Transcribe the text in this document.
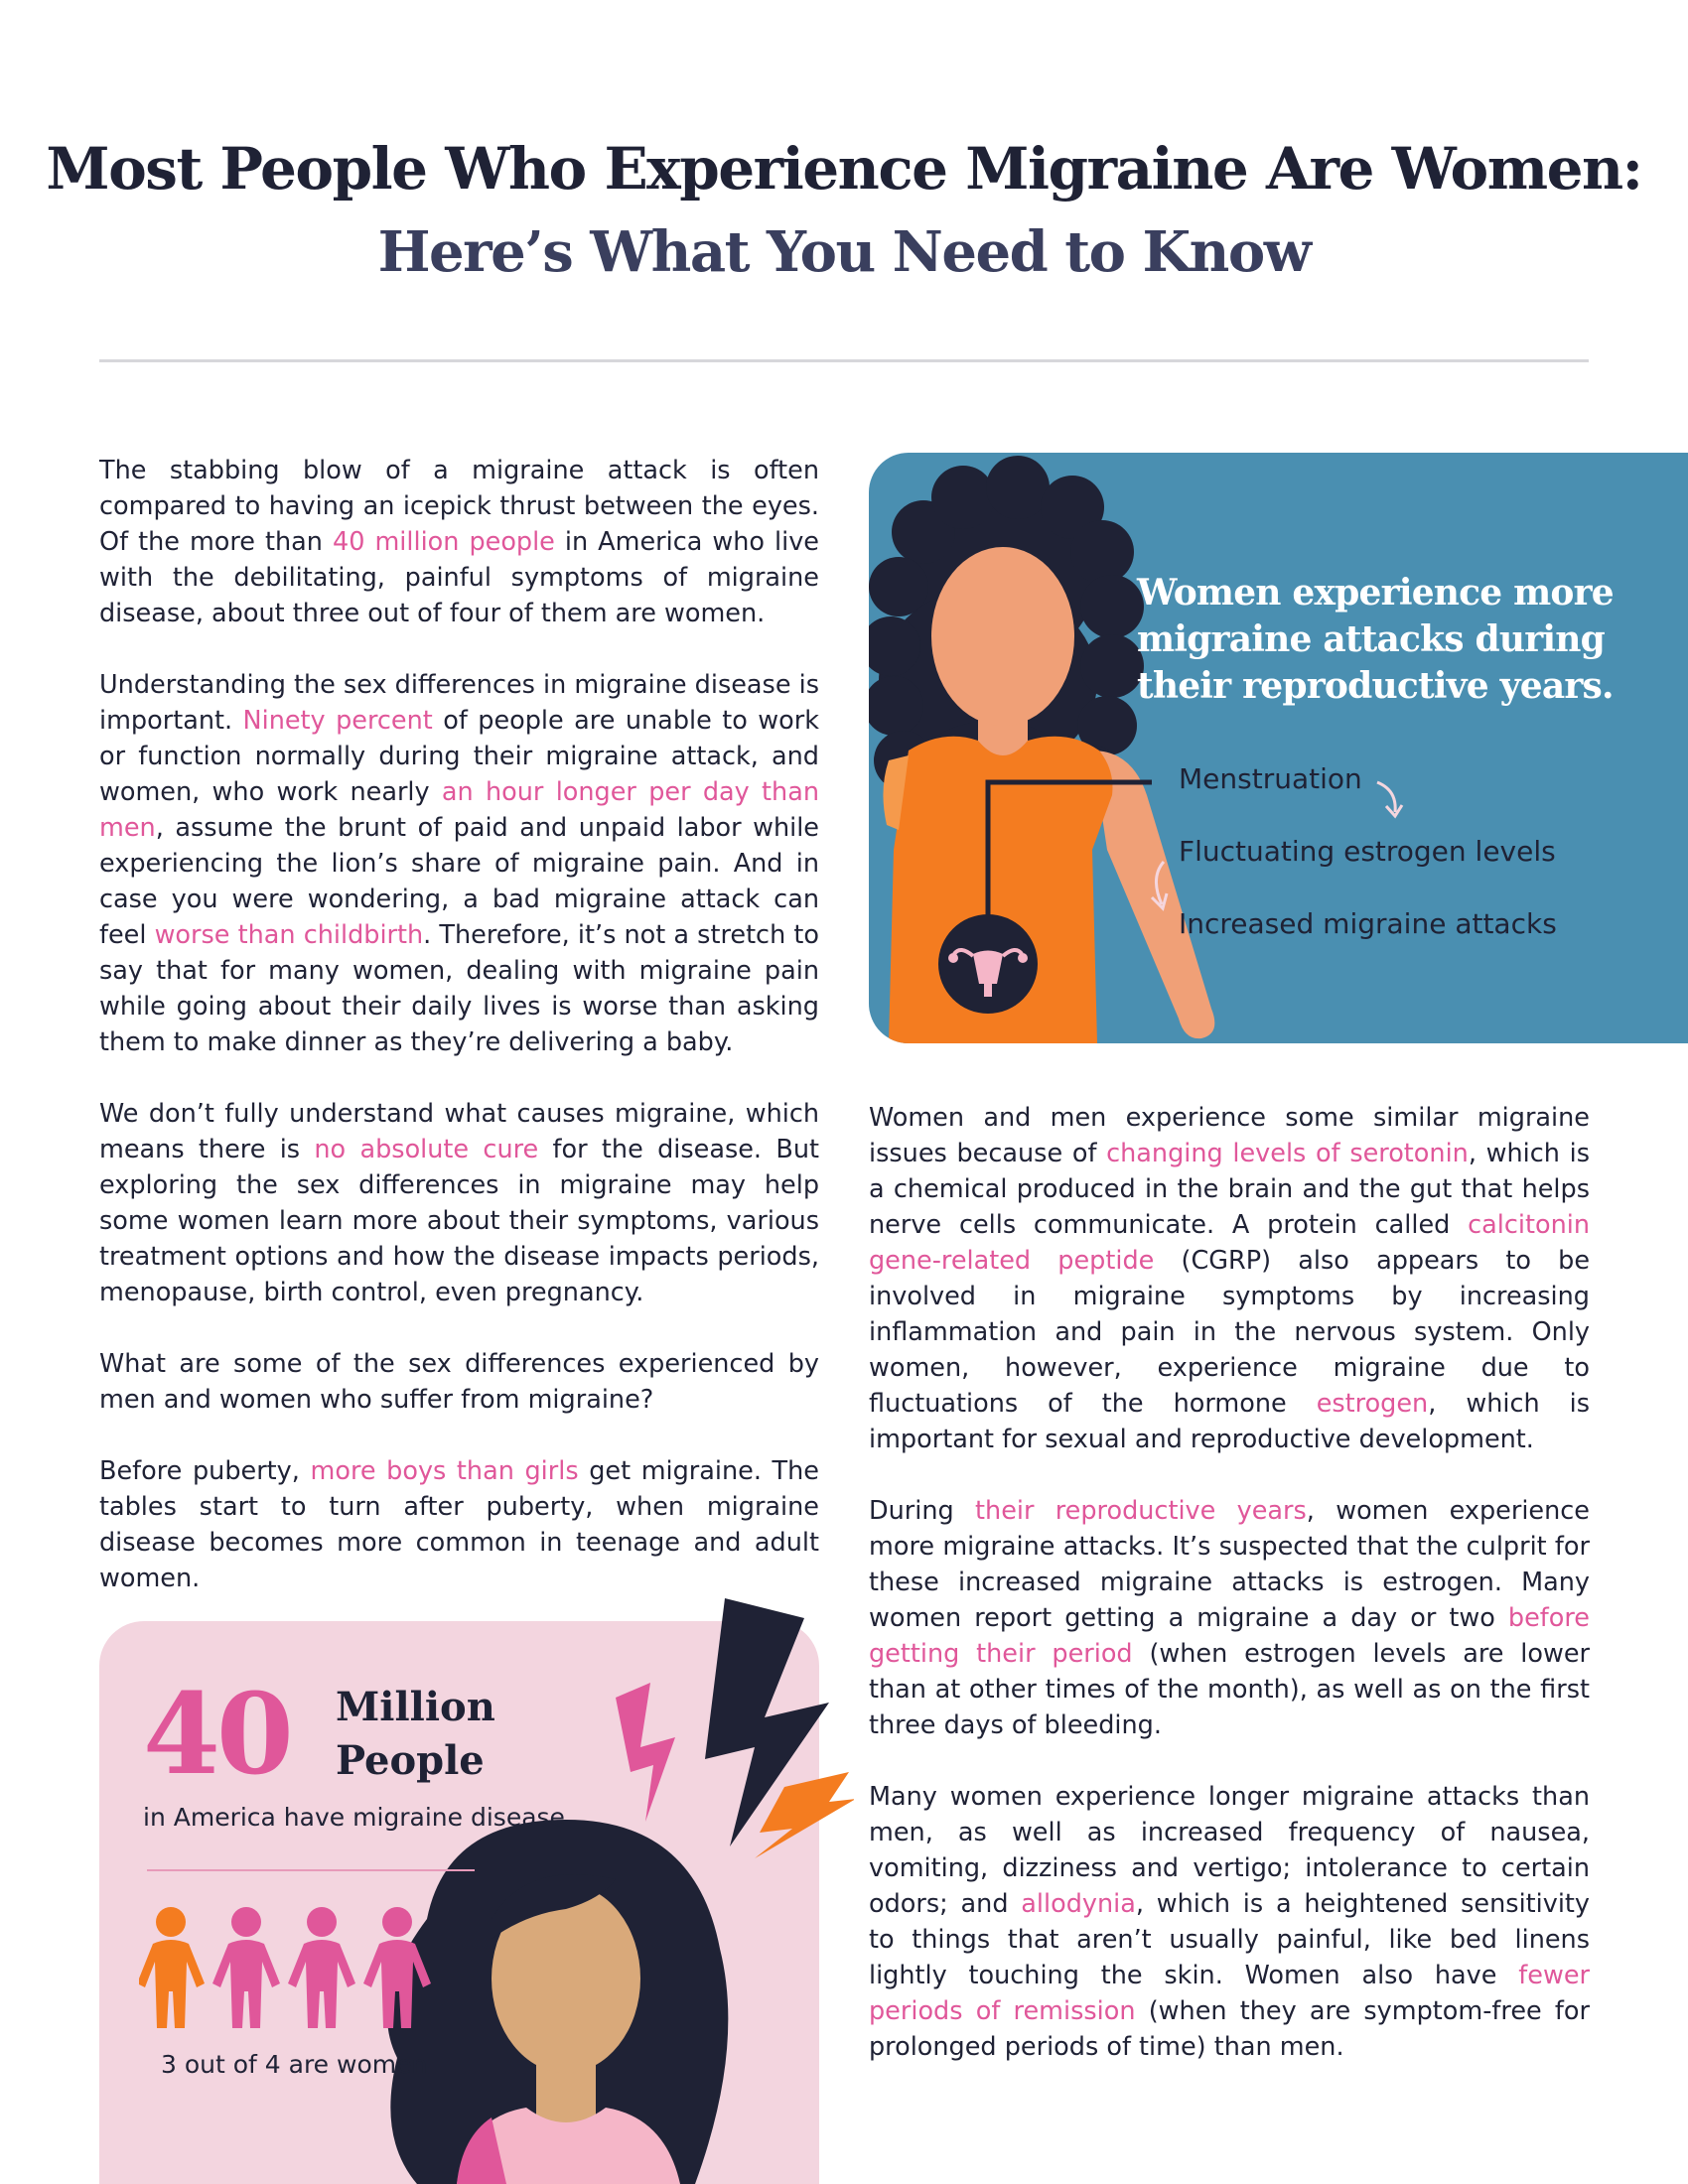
Most People Who Experience Migraine Are Women:
Here’s What You Need to Know

The stabbing blow of a migraine attack is often compared to having an icepick thrust between the eyes. Of the more than 40 million people in America who live with the debilitating, painful symptoms of migraine disease, about three out of four of them are women.

Understanding the sex differences in migraine disease is important. Ninety percent of people are unable to work or function normally during their migraine attack, and women, who work nearly an hour longer per day than men, assume the brunt of paid and unpaid labor while experiencing the lion’s share of migraine pain. And in case you were wondering, a bad migraine attack can feel worse than childbirth. Therefore, it’s not a stretch to say that for many women, dealing with migraine pain while going about their daily lives is worse than asking them to make dinner as they’re delivering a baby.

We don’t fully understand what causes migraine, which means there is no absolute cure for the disease. But exploring the sex differences in migraine may help some women learn more about their symptoms, various treatment options and how the disease impacts periods, menopause, birth control, even pregnancy.

What are some of the sex differences experienced by men and women who suffer from migraine?

Before puberty, more boys than girls get migraine. The tables start to turn after puberty, when migraine disease becomes more common in teenage and adult women.

Women experience more migraine attacks during their reproductive years.
Menstruation
Fluctuating estrogen levels
Increased migraine attacks

Women and men experience some similar migraine issues because of changing levels of serotonin, which is a chemical produced in the brain and the gut that helps nerve cells communicate. A protein called calcitonin gene-related peptide (CGRP) also appears to be involved in migraine symptoms by increasing inflammation and pain in the nervous system. Only women, however, experience migraine due to fluctuations of the hormone estrogen, which is important for sexual and reproductive development.

During their reproductive years, women experience more migraine attacks. It’s suspected that the culprit for these increased migraine attacks is estrogen. Many women report getting a migraine a day or two before getting their period (when estrogen levels are lower than at other times of the month), as well as on the first three days of bleeding.

Many women experience longer migraine attacks than men, as well as increased frequency of nausea, vomiting, dizziness and vertigo; intolerance to certain odors; and allodynia, which is a heightened sensitivity to things that aren’t usually painful, like bed linens lightly touching the skin. Women also have fewer periods of remission (when they are symptom-free for prolonged periods of time) than men.

40 Million People
in America have migraine disease
3 out of 4 are women
